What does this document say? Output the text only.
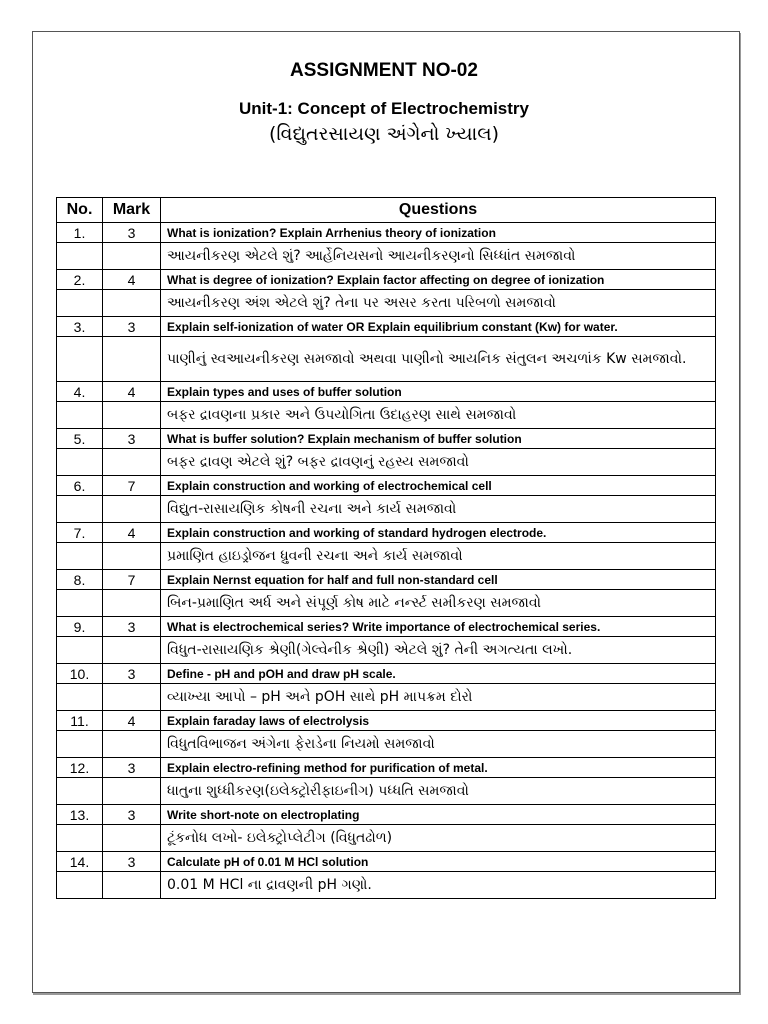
ASSIGNMENT NO-02
Unit-1: Concept of Electrochemistry
(વિદ્યુતરસાયણ અંગેનો ખ્યાલ)
No.	Mark	Questions
1.	3	What is ionization? Explain Arrhenius theory of ionization
		આયનીકરણ એટલે શું? આર્હેનિયસનો આયનીકરણનો સિધ્ધાંત સમજાવો
2.	4	What is degree of ionization? Explain factor affecting on degree of ionization
		આયનીકરણ અંશ એટલે શું? તેના પર અસર કરતા પરિબળો સમજાવો
3.	3	Explain self-ionization of water OR Explain equilibrium constant (Kw) for water.
		પાણીનું સ્વઆયનીકરણ સમજાવો અથવા પાણીનો આયનિક સંતુલન અચળાંક Kw સમજાવો.
4.	4	Explain types and uses of buffer solution
		બફર દ્રાવણના પ્રકાર અને ઉપયોગિતા ઉદાહરણ સાથે સમજાવો
5.	3	What is buffer solution? Explain mechanism of buffer solution
		બફર દ્રાવણ એટલે શું? બફર દ્રાવણનું રહસ્ય સમજાવો
6.	7	Explain construction and working of electrochemical cell
		વિદ્યુત-રાસાયણિક કોષની રચના અને કાર્ય સમજાવો
7.	4	Explain construction and working of standard hydrogen electrode.
		પ્રમાણિત હાઇડ્રોજન ધ્રુવની રચના અને કાર્ય સમજાવો
8.	7	Explain Nernst equation for half and full non-standard cell
		બિન-પ્રમાણિત અર્ધ અને સંપૂર્ણ કોષ માટે નર્ન્સ્ટ સમીકરણ સમજાવો
9.	3	What is electrochemical series? Write importance of electrochemical series.
		વિધુત-રાસાયણિક શ્રેણી(ગેલ્વેનીક શ્રેણી) એટલે શું? તેની અગત્યતા લખો.
10.	3	Define - pH and pOH and draw pH scale.
		વ્યાખ્યા આપો – pH અને pOH સાથે pH માપક્રમ દોરો
11.	4	Explain faraday laws of electrolysis
		વિધુતવિભાજન અંગેના ફેરાડેના નિયમો સમજાવો
12.	3	Explain electro-refining method for purification of metal.
		ધાતુના શુધ્ધીકરણ(ઇલેક્ટ્રોરીફાઇનીગ) પધ્ધતિ સમજાવો
13.	3	Write short-note on electroplating
		ટૂંકનોધ લખો- ઇલેક્ટ્રોપ્લેટીગ (વિધુતઢોળ)
14.	3	Calculate pH of 0.01 M HCl solution
		0.01 M HCl ના દ્રાવણની pH ગણો.
